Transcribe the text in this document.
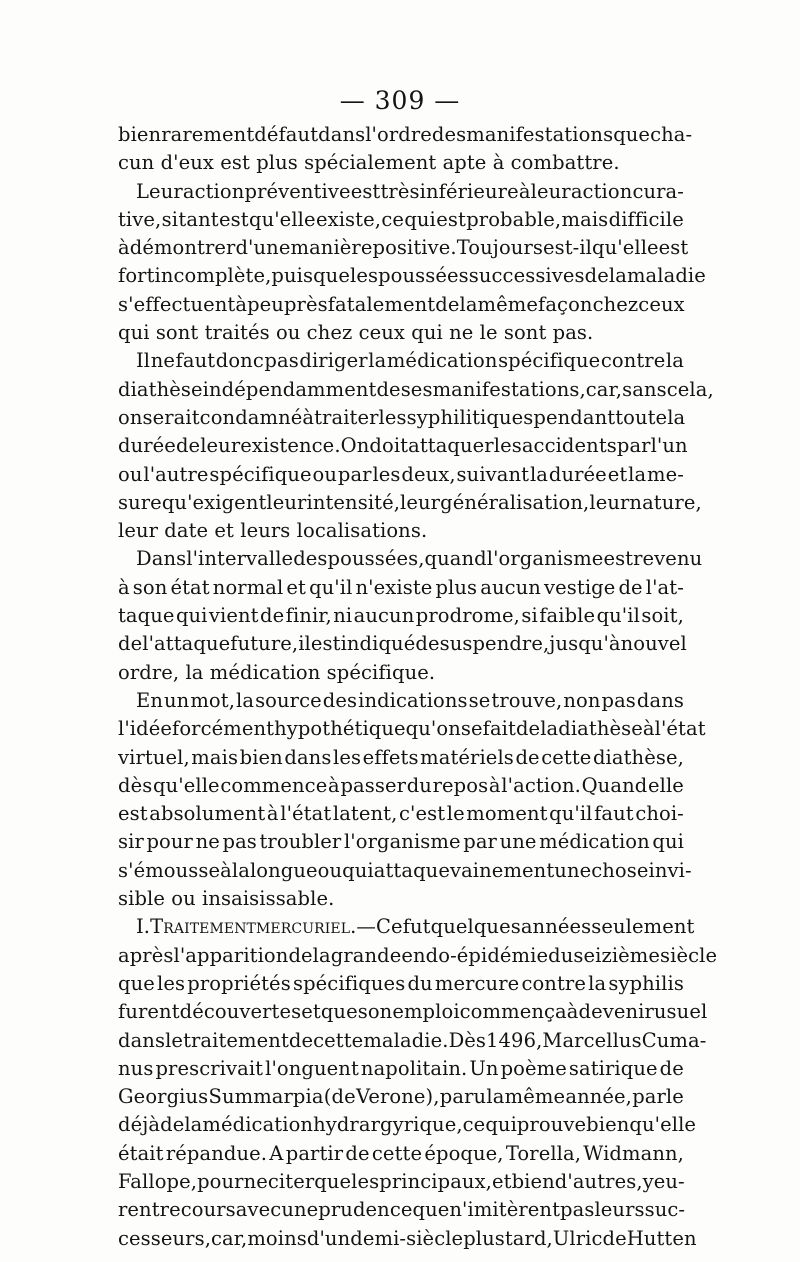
— 309 —
bien rarement défaut dans l'ordre des manifestations que cha-
cun d'eux est plus spécialement apte à combattre.
Leur action préventive est très inférieure à leur action cura-
tive, si tant est qu'elle existe, ce qui est probable, mais difficile
à démontrer d'une manière positive. Toujours est-il qu'elle est
fort incomplète, puisque les poussées successives de la maladie
s'effectuent à peu près fatalement de la même façon chez ceux
qui sont traités ou chez ceux qui ne le sont pas.
Il ne faut donc pas diriger la médication spécifique contre la
diathèse indépendamment de ses manifestations, car, sans cela,
on serait condamné à traiter les syphilitiques pendant toute la
durée de leur existence. On doit attaquer les accidents par l'un
ou l'autre spécifique ou par les deux, suivant la durée et la me-
sure qu'exigent leur intensité, leur généralisation, leur nature,
leur date et leurs localisations.
Dans l'intervalle des poussées, quand l'organisme est revenu
à son état normal et qu'il n'existe plus aucun vestige de l'at-
taque qui vient de finir, ni aucun prodrome, si faible qu'il soit,
de l'attaque future, il est indiqué de suspendre, jusqu'à nouvel
ordre, la médication spécifique.
En un mot, la source des indications se trouve, non pas dans
l'idée forcément hypothétique qu'on se fait de la diathèse à l'état
virtuel, mais bien dans les effets matériels de cette diathèse,
dès qu'elle commence à passer du repos à l'action. Quand elle
est absolument à l'état latent, c'est le moment qu'il faut choi-
sir pour ne pas troubler l'organisme par une médication qui
s'émousse à la longue ou qui attaque vainement une chose invi-
sible ou insaisissable.
I. Traitement mercuriel. — Ce fut quelques années seulement
après l'apparition de la grande endo-épidémie du seizième siècle
que les propriétés spécifiques du mercure contre la syphilis
furent découvertes et que son emploi commença à devenir usuel
dans le traitement de cette maladie. Dès 1496, Marcellus Cuma-
nus prescrivait l'onguent napolitain. Un poème satirique de
Georgius Summarpia (de Verone), paru la même année, parle
déjà de la médication hydrargyrique, ce qui prouve bien qu'elle
était répandue. A partir de cette époque, Torella, Widmann,
Fallope, pour ne citer que les principaux, et bien d'autres, y eu-
rent recours avec une prudence que n'imitèrent pas leurs suc-
cesseurs, car, moins d'un demi-siècle plus tard, Ulric de Hutten
